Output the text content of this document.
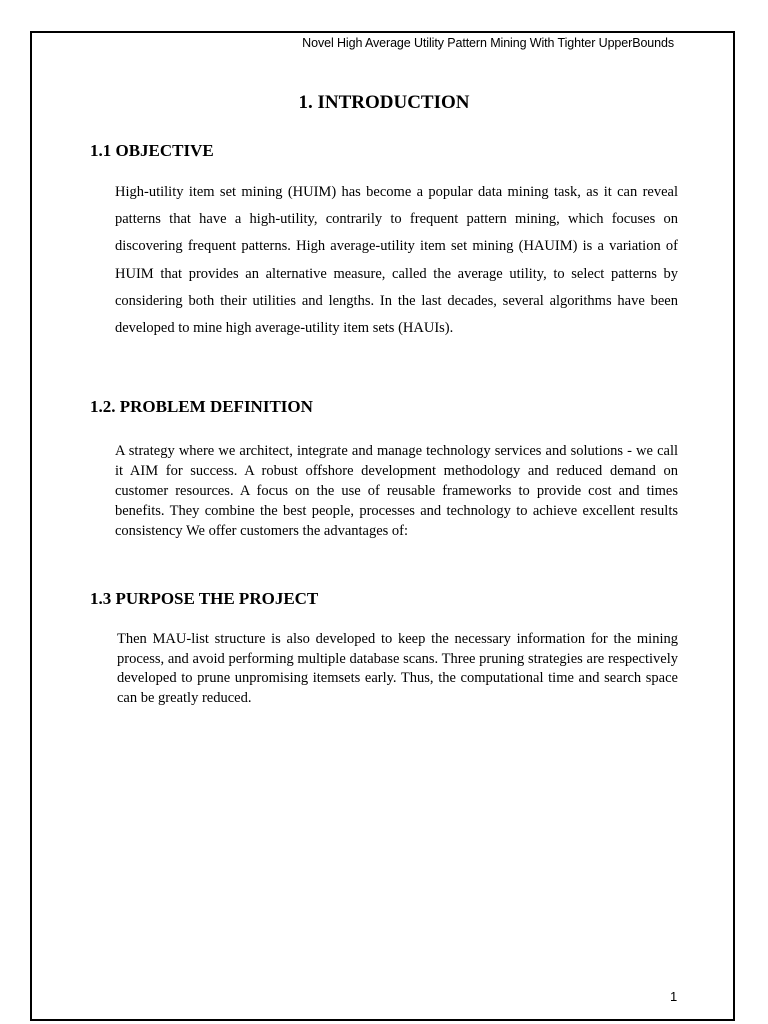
Novel High Average Utility Pattern Mining With Tighter UpperBounds
1. INTRODUCTION
1.1 OBJECTIVE

High-utility item set mining (HUIM) has become a popular data mining task, as it can reveal patterns that have a high-utility, contrarily to frequent pattern mining, which focuses on discovering frequent patterns. High average-utility item set mining (HAUIM) is a variation of HUIM that provides an alternative measure, called the average utility, to select patterns by considering both their utilities and lengths. In the last decades, several algorithms have been developed to mine high average-utility item sets (HAUIs).

1.2. PROBLEM DEFINITION

A strategy where we architect, integrate and manage technology services and solutions - we call it AIM for success. A robust offshore development methodology and reduced demand on customer resources. A focus on the use of reusable frameworks to provide cost and times benefits. They combine the best people, processes and technology to achieve excellent results consistency We offer customers the advantages of:

1.3 PURPOSE THE PROJECT

Then MAU-list structure is also developed to keep the necessary information for the mining process, and avoid performing multiple database scans. Three pruning strategies are respectively developed to prune unpromising itemsets early. Thus, the computational time and search space can be greatly reduced.

1
